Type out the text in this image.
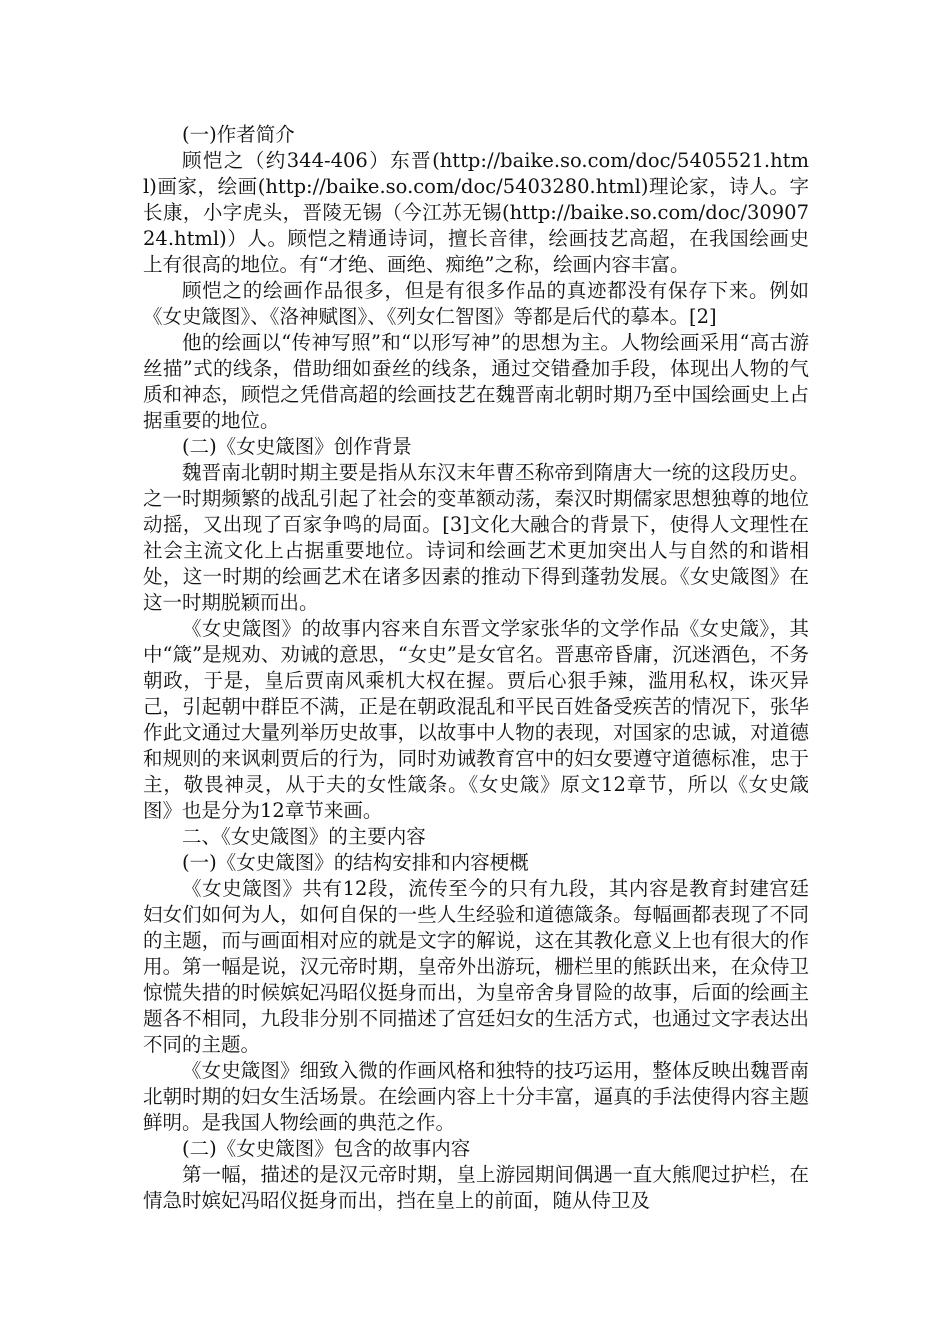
(一)作者简介

顾恺之（约344-406）东晋(http://baike.so.com/doc/5405521.html)画家，绘画(http://baike.so.com/doc/5403280.html)理论家，诗人。字长康，小字虎头，晋陵无锡（今江苏无锡(http://baike.so.com/doc/3090724.html)）人。顾恺之精通诗词，擅长音律，绘画技艺高超，在我国绘画史上有很高的地位。有“才绝、画绝、痴绝”之称，绘画内容丰富。

顾恺之的绘画作品很多，但是有很多作品的真迹都没有保存下来。例如《女史箴图》、《洛神赋图》、《列女仁智图》等都是后代的摹本。[2]

他的绘画以“传神写照”和“以形写神”的思想为主。人物绘画采用“高古游丝描”式的线条，借助细如蚕丝的线条，通过交错叠加手段，体现出人物的气质和神态，顾恺之凭借高超的绘画技艺在魏晋南北朝时期乃至中国绘画史上占据重要的地位。

(二)《女史箴图》创作背景

魏晋南北朝时期主要是指从东汉末年曹丕称帝到隋唐大一统的这段历史。之一时期频繁的战乱引起了社会的变革额动荡，秦汉时期儒家思想独尊的地位动摇，又出现了百家争鸣的局面。[3]文化大融合的背景下，使得人文理性在社会主流文化上占据重要地位。诗词和绘画艺术更加突出人与自然的和谐相处，这一时期的绘画艺术在诸多因素的推动下得到蓬勃发展。《女史箴图》在这一时期脱颖而出。

《女史箴图》的故事内容来自东晋文学家张华的文学作品《女史箴》，其中“箴”是规劝、劝诫的意思，“女史”是女官名。晋惠帝昏庸，沉迷酒色，不务朝政，于是，皇后贾南风乘机大权在握。贾后心狠手辣，滥用私权，诛灭异己，引起朝中群臣不满，正是在朝政混乱和平民百姓备受疾苦的情况下，张华作此文通过大量列举历史故事，以故事中人物的表现，对国家的忠诚，对道德和规则的来讽刺贾后的行为，同时劝诫教育宫中的妇女要遵守道德标准，忠于主，敬畏神灵，从于夫的女性箴条。《女史箴》原文12章节，所以《女史箴图》也是分为12章节来画。

二、《女史箴图》的主要内容

(一)《女史箴图》的结构安排和内容梗概

《女史箴图》共有12段，流传至今的只有九段，其内容是教育封建宫廷妇女们如何为人，如何自保的一些人生经验和道德箴条。每幅画都表现了不同的主题，而与画面相对应的就是文字的解说，这在其教化意义上也有很大的作用。第一幅是说，汉元帝时期，皇帝外出游玩，栅栏里的熊跃出来，在众侍卫惊慌失措的时候嫔妃冯昭仪挺身而出，为皇帝舍身冒险的故事，后面的绘画主题各不相同，九段非分别不同描述了宫廷妇女的生活方式，也通过文字表达出不同的主题。

《女史箴图》细致入微的作画风格和独特的技巧运用，整体反映出魏晋南北朝时期的妇女生活场景。在绘画内容上十分丰富，逼真的手法使得内容主题鲜明。是我国人物绘画的典范之作。

(二)《女史箴图》包含的故事内容

第一幅，描述的是汉元帝时期，皇上游园期间偶遇一直大熊爬过护栏，在情急时嫔妃冯昭仪挺身而出，挡在皇上的前面，随从侍卫及
